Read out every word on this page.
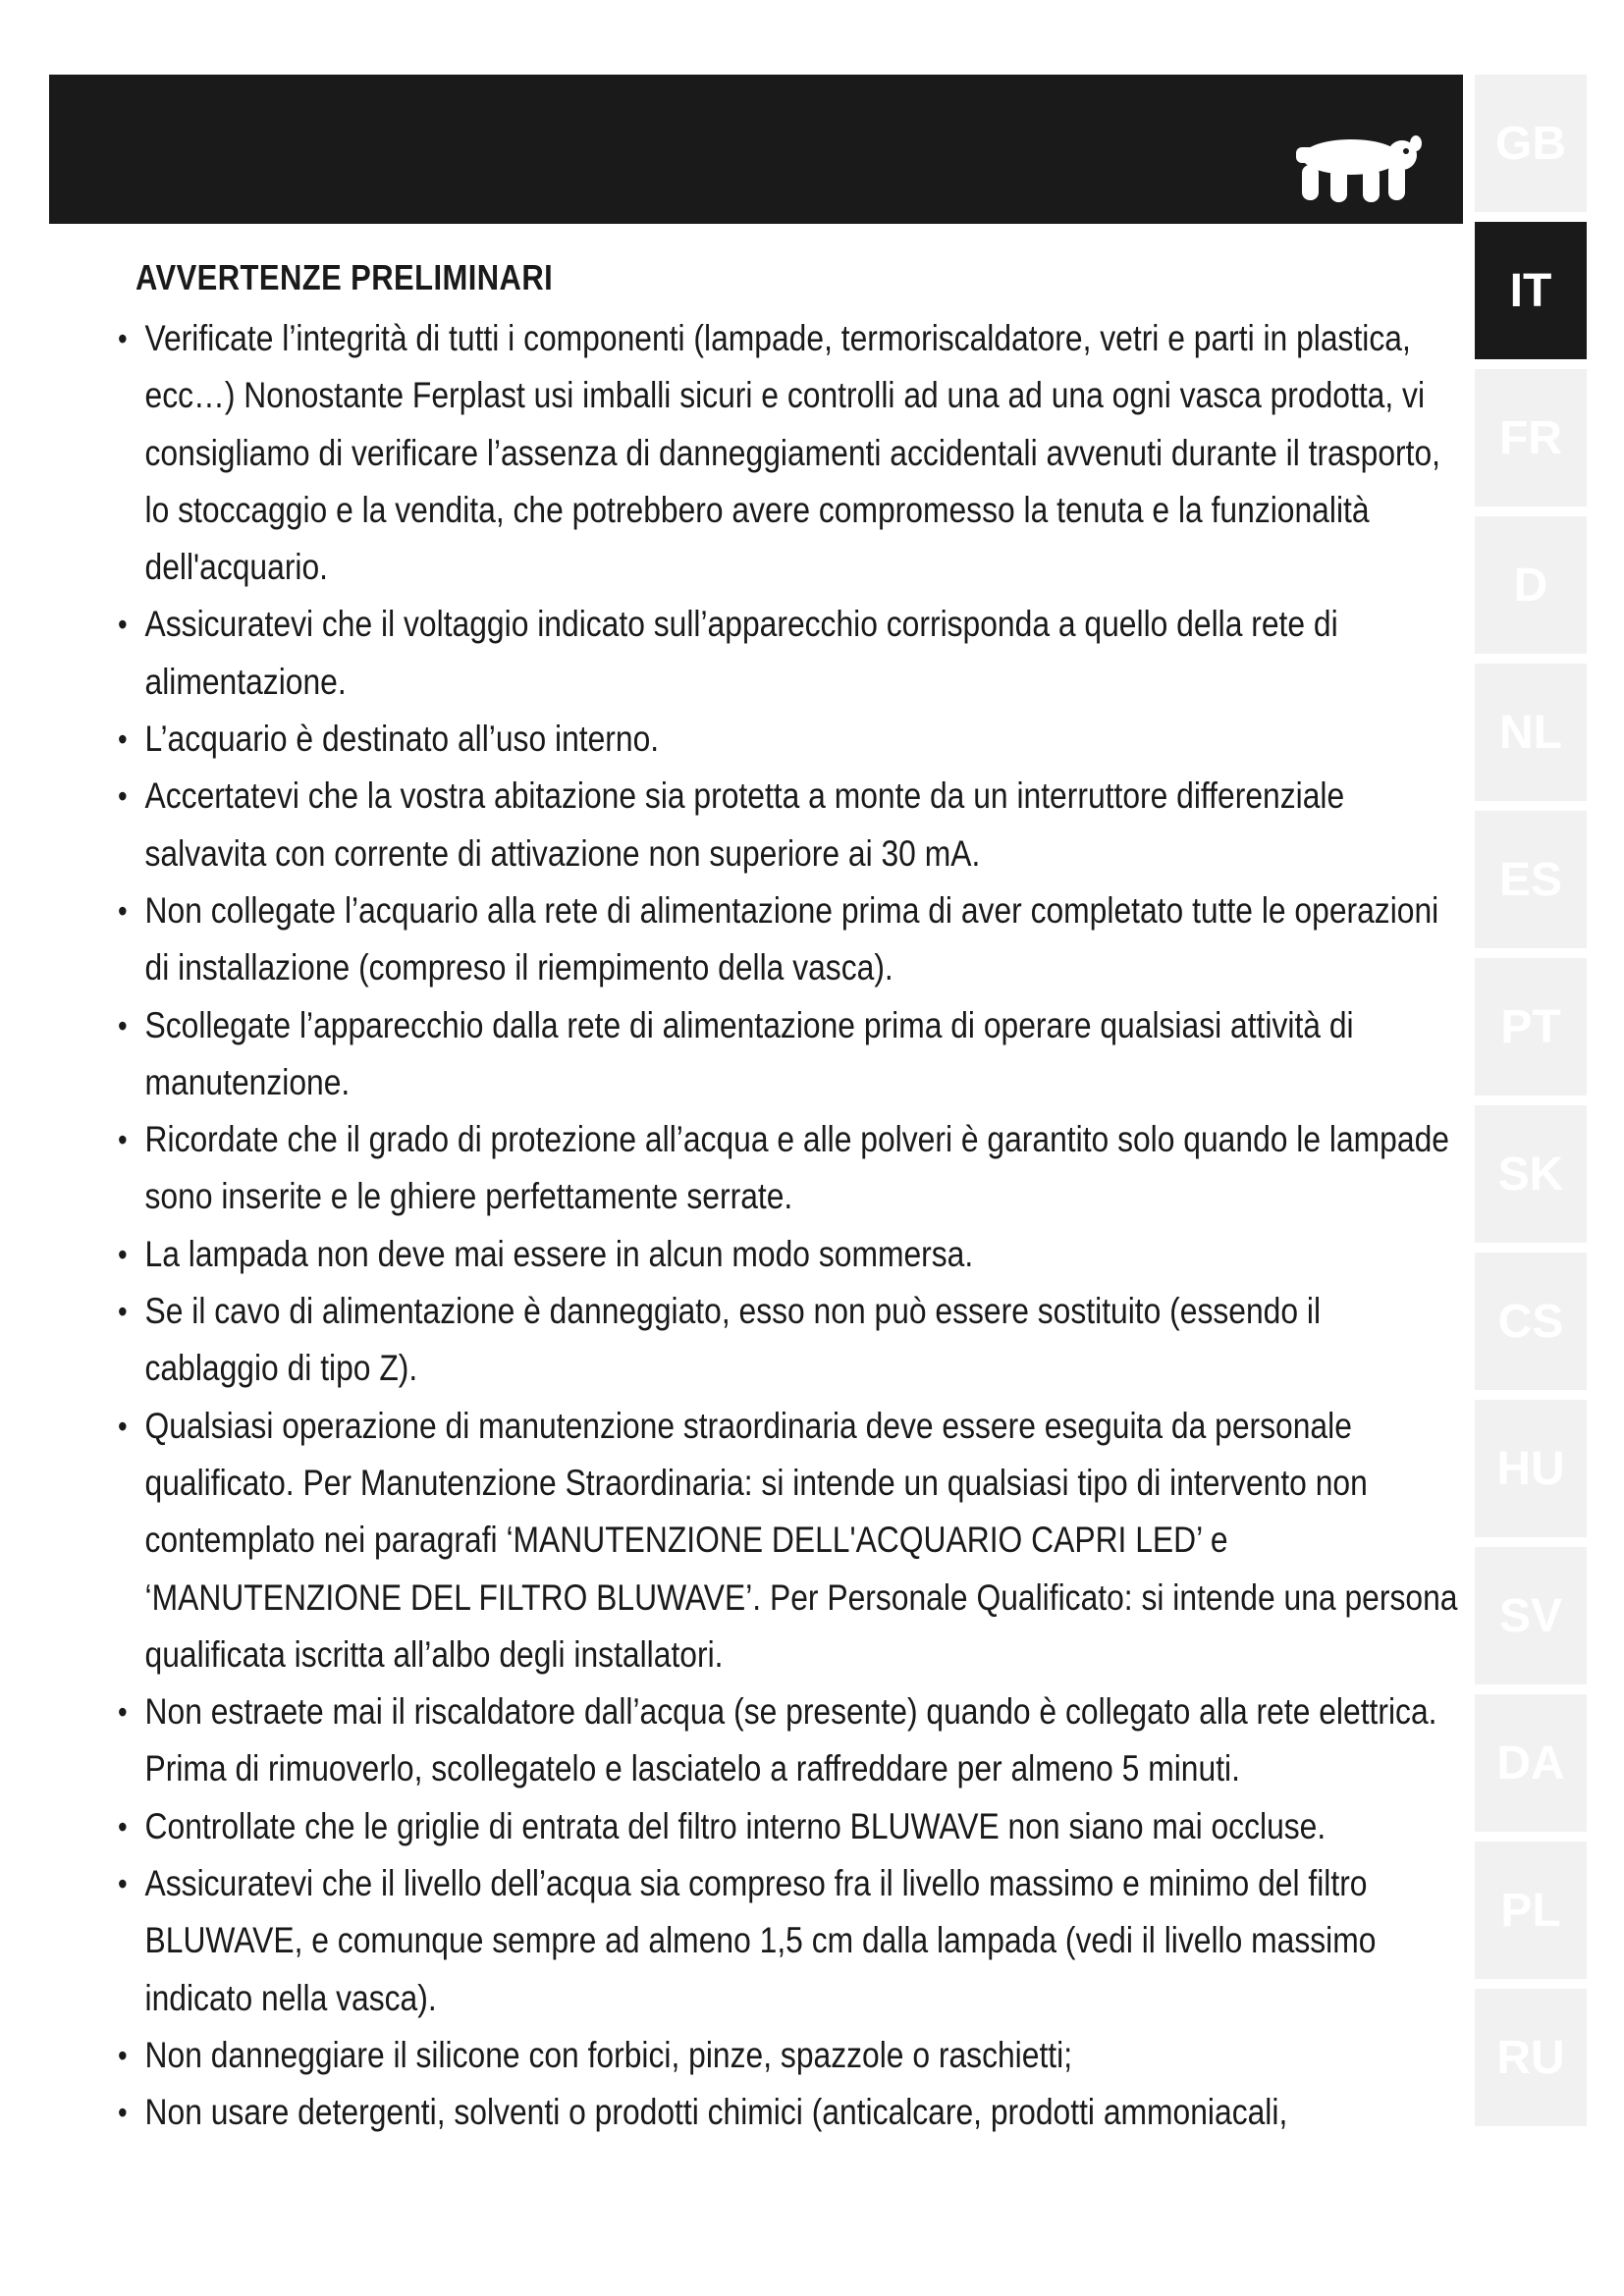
GB
IT
FR
D
NL
ES
PT
SK
CS
HU
SV
DA
PL
RU
AVVERTENZE PRELIMINARI
• Verificate l’integrità di tutti i componenti (lampade, termoriscaldatore, vetri e parti in plastica, ecc…) Nonostante Ferplast usi imballi sicuri e controlli ad una ad una ogni vasca prodotta, vi consigliamo di verificare l’assenza di danneggiamenti accidentali avvenuti durante il trasporto, lo stoccaggio e la vendita, che potrebbero avere compromesso la tenuta e la funzionalità dell'acquario.
• Assicuratevi che il voltaggio indicato sull’apparecchio corrisponda a quello della rete di alimentazione.
• L’acquario è destinato all’uso interno.
• Accertatevi che la vostra abitazione sia protetta a monte da un interruttore differenziale salvavita con corrente di attivazione non superiore ai 30 mA.
• Non collegate l’acquario alla rete di alimentazione prima di aver completato tutte le operazioni di installazione (compreso il riempimento della vasca).
• Scollegate l’apparecchio dalla rete di alimentazione prima di operare qualsiasi attività di manutenzione.
• Ricordate che il grado di protezione all’acqua e alle polveri è garantito solo quando le lampade sono inserite e le ghiere perfettamente serrate.
• La lampada non deve mai essere in alcun modo sommersa.
• Se il cavo di alimentazione è danneggiato, esso non può essere sostituito (essendo il cablaggio di tipo Z).
• Qualsiasi operazione di manutenzione straordinaria deve essere eseguita da personale qualificato. Per Manutenzione Straordinaria: si intende un qualsiasi tipo di intervento non contemplato nei paragrafi ‘MANUTENZIONE DELL'ACQUARIO CAPRI LED’ e ‘MANUTENZIONE DEL FILTRO BLUWAVE’. Per Personale Qualificato: si intende una persona qualificata iscritta all’albo degli installatori.
• Non estraete mai il riscaldatore dall’acqua (se presente) quando è collegato alla rete elettrica. Prima di rimuoverlo, scollegatelo e lasciatelo a raffreddare per almeno 5 minuti.
• Controllate che le griglie di entrata del filtro interno BLUWAVE non siano mai occluse.
• Assicuratevi che il livello dell’acqua sia compreso fra il livello massimo e minimo del filtro BLUWAVE, e comunque sempre ad almeno 1,5 cm dalla lampada (vedi il livello massimo indicato nella vasca).
• Non danneggiare il silicone con forbici, pinze, spazzole o raschietti;
• Non usare detergenti, solventi o prodotti chimici (anticalcare, prodotti ammoniacali,
